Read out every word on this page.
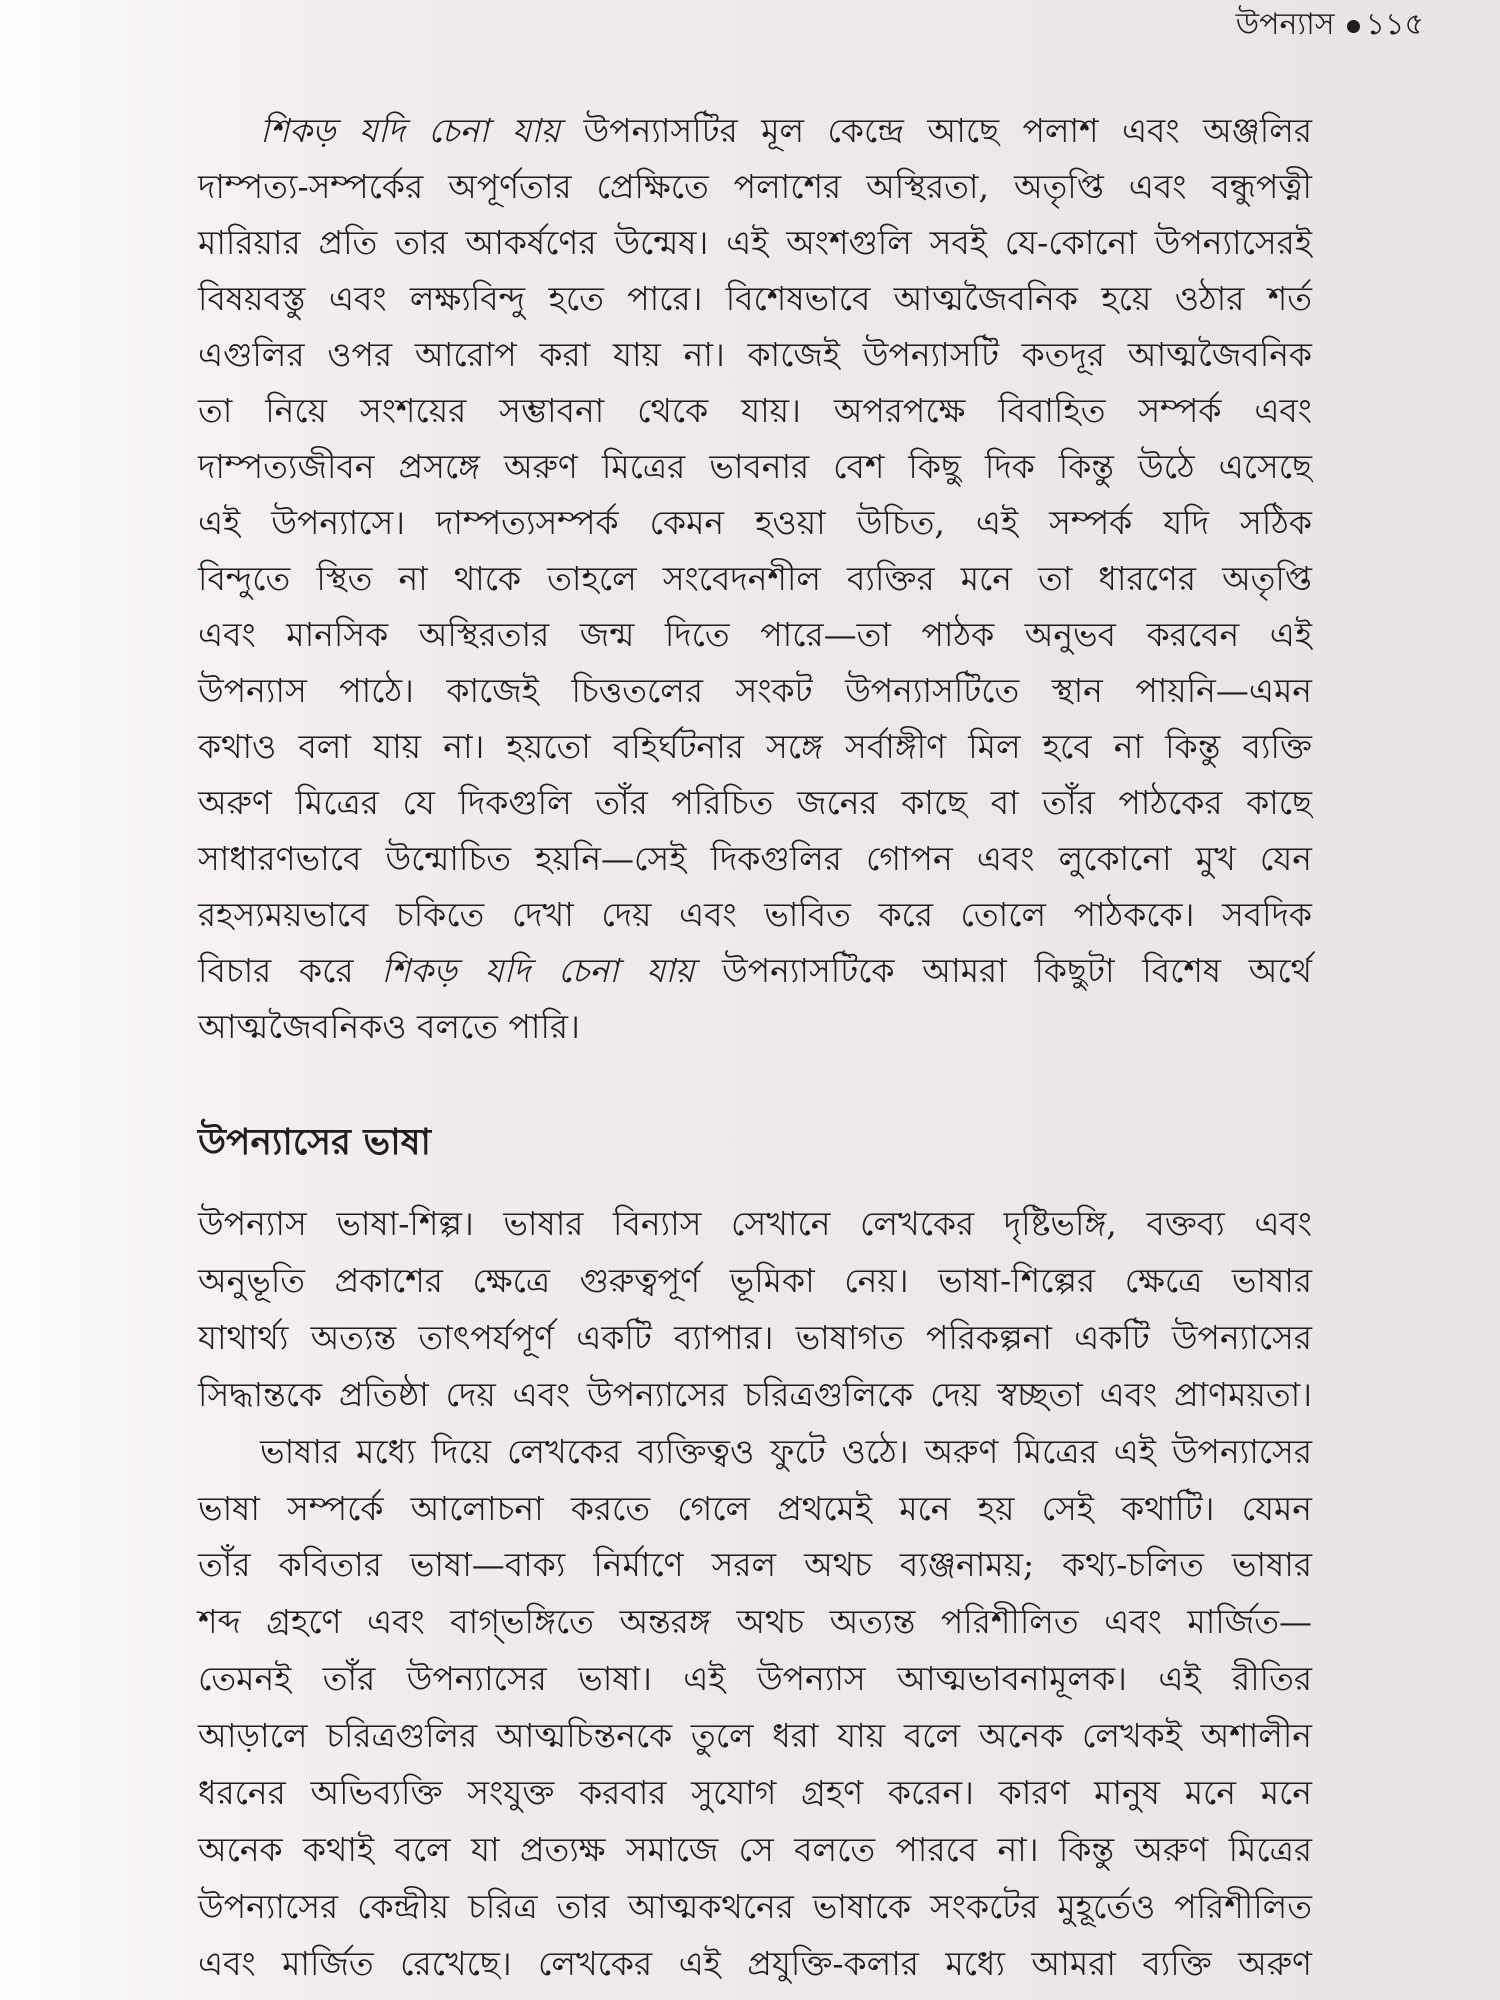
উপন্যাস ১১৫
শিকড় যদি চেনা যায় উপন্যাসটির মূল কেন্দ্রে আছে পলাশ এবং অঞ্জলির
দাম্পত্য-সম্পর্কের অপূর্ণতার প্রেক্ষিতে পলাশের অস্থিরতা, অতৃপ্তি এবং বন্ধুপত্নী
মারিয়ার প্রতি তার আকর্ষণের উন্মেষ। এই অংশগুলি সবই যে-কোনো উপন্যাসেরই
বিষয়বস্তু এবং লক্ষ্যবিন্দু হতে পারে। বিশেষভাবে আত্মজৈবনিক হয়ে ওঠার শর্ত
এগুলির ওপর আরোপ করা যায় না। কাজেই উপন্যাসটি কতদূর আত্মজৈবনিক
তা নিয়ে সংশয়ের সম্ভাবনা থেকে যায়। অপরপক্ষে বিবাহিত সম্পর্ক এবং
দাম্পত্যজীবন প্রসঙ্গে অরুণ মিত্রের ভাবনার বেশ কিছু দিক কিন্তু উঠে এসেছে
এই উপন্যাসে। দাম্পত্যসম্পর্ক কেমন হওয়া উচিত, এই সম্পর্ক যদি সঠিক
বিন্দুতে স্থিত না থাকে তাহলে সংবেদনশীল ব্যক্তির মনে তা ধারণের অতৃপ্তি
এবং মানসিক অস্থিরতার জন্ম দিতে পারে—তা পাঠক অনুভব করবেন এই
উপন্যাস পাঠে। কাজেই চিত্ততলের সংকট উপন্যাসটিতে স্থান পায়নি—এমন
কথাও বলা যায় না। হয়তো বহির্ঘটনার সঙ্গে সর্বাঙ্গীণ মিল হবে না কিন্তু ব্যক্তি
অরুণ মিত্রের যে দিকগুলি তাঁর পরিচিত জনের কাছে বা তাঁর পাঠকের কাছে
সাধারণভাবে উন্মোচিত হয়নি—সেই দিকগুলির গোপন এবং লুকোনো মুখ যেন
রহস্যময়ভাবে চকিতে দেখা দেয় এবং ভাবিত করে তোলে পাঠককে। সবদিক
বিচার করে শিকড় যদি চেনা যায় উপন্যাসটিকে আমরা কিছুটা বিশেষ অর্থে
আত্মজৈবনিকও বলতে পারি।
উপন্যাসের ভাষা
উপন্যাস ভাষা-শিল্প। ভাষার বিন্যাস সেখানে লেখকের দৃষ্টিভঙ্গি, বক্তব্য এবং
অনুভূতি প্রকাশের ক্ষেত্রে গুরুত্বপূর্ণ ভূমিকা নেয়। ভাষা-শিল্পের ক্ষেত্রে ভাষার
যাথার্থ্য অত্যন্ত তাৎপর্যপূর্ণ একটি ব্যাপার। ভাষাগত পরিকল্পনা একটি উপন্যাসের
সিদ্ধান্তকে প্রতিষ্ঠা দেয় এবং উপন্যাসের চরিত্রগুলিকে দেয় স্বচ্ছতা এবং প্রাণময়তা।
ভাষার মধ্যে দিয়ে লেখকের ব্যক্তিত্বও ফুটে ওঠে। অরুণ মিত্রের এই উপন্যাসের
ভাষা সম্পর্কে আলোচনা করতে গেলে প্রথমেই মনে হয় সেই কথাটি। যেমন
তাঁর কবিতার ভাষা—বাক্য নির্মাণে সরল অথচ ব্যঞ্জনাময়; কথ্য-চলিত ভাষার
শব্দ গ্রহণে এবং বাগ্‌ভঙ্গিতে অন্তরঙ্গ অথচ অত্যন্ত পরিশীলিত এবং মার্জিত—
তেমনই তাঁর উপন্যাসের ভাষা। এই উপন্যাস আত্মভাবনামূলক। এই রীতির
আড়ালে চরিত্রগুলির আত্মচিন্তনকে তুলে ধরা যায় বলে অনেক লেখকই অশালীন
ধরনের অভিব্যক্তি সংযুক্ত করবার সুযোগ গ্রহণ করেন। কারণ মানুষ মনে মনে
অনেক কথাই বলে যা প্রত্যক্ষ সমাজে সে বলতে পারবে না। কিন্তু অরুণ মিত্রের
উপন্যাসের কেন্দ্রীয় চরিত্র তার আত্মকথনের ভাষাকে সংকটের মুহূর্তেও পরিশীলিত
এবং মার্জিত রেখেছে। লেখকের এই প্রযুক্তি-কলার মধ্যে আমরা ব্যক্তি অরুণ
